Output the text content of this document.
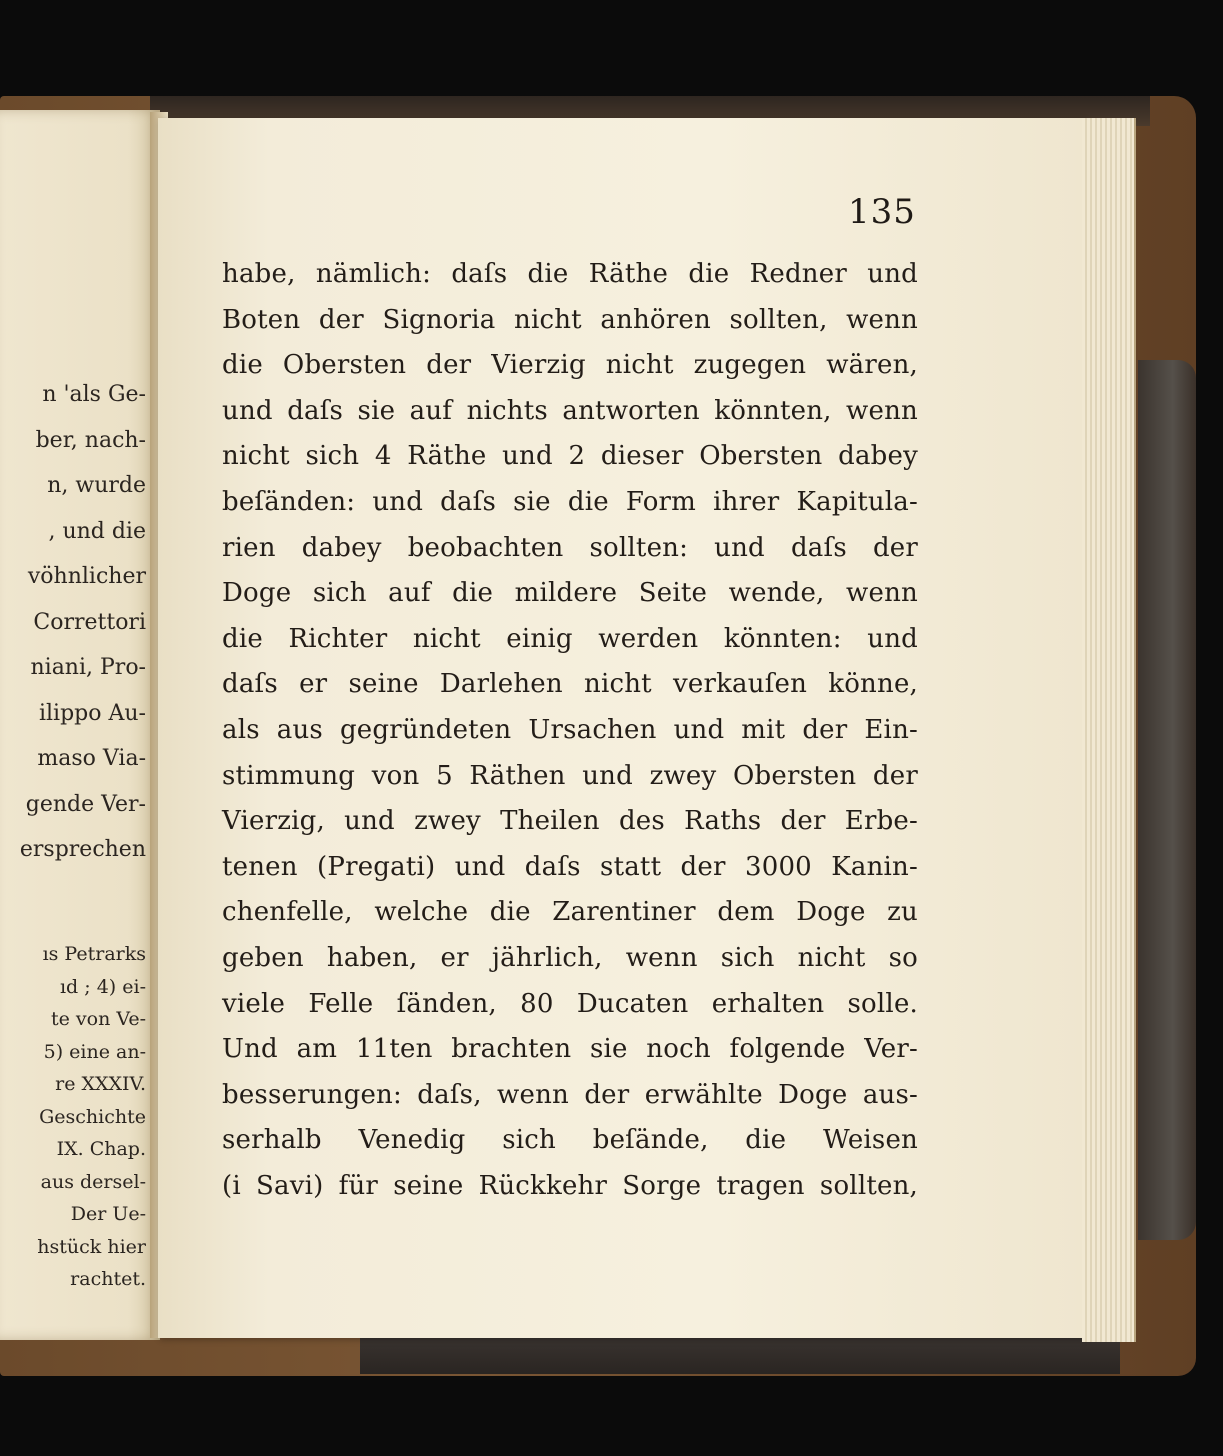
n 'als Ge-
ber, nach-
n, wurde
, und die
vöhnlicher
Correttori
niani, Pro-
ilippo Au-
maso Via-
gende Ver-
ersprechen
ıs Petrarks
ıd ; 4) ei-
te von Ve-
5) eine an-
re XXXIV.
Geschichte
IX. Chap.
aus dersel-
Der Ue-
hstück hier
rachtet.
135
habe, nämlich: daſs die Räthe die Redner und
Boten der Signoria nicht anhören sollten, wenn
die Obersten der Vierzig nicht zugegen wären,
und daſs sie auf nichts antworten könnten, wenn
nicht sich 4 Räthe und 2 dieser Obersten dabey
beſänden: und daſs sie die Form ihrer Kapitula-
rien dabey beobachten sollten: und daſs der
Doge sich auf die mildere Seite wende, wenn
die Richter nicht einig werden könnten: und
daſs er seine Darlehen nicht verkauſen könne,
als aus gegründeten Ursachen und mit der Ein-
stimmung von 5 Räthen und zwey Obersten der
Vierzig, und zwey Theilen des Raths der Erbe-
tenen (Pregati) und daſs statt der 3000 Kanin-
chenfelle, welche die Zarentiner dem Doge zu
geben haben, er jährlich, wenn sich nicht so
viele Felle ſänden, 80 Ducaten erhalten solle.
Und am 11ten brachten sie noch folgende Ver-
besserungen: daſs, wenn der erwählte Doge aus-
serhalb Venedig sich beſände, die Weisen
(i Savi) für seine Rückkehr Sorge tragen sollten,
